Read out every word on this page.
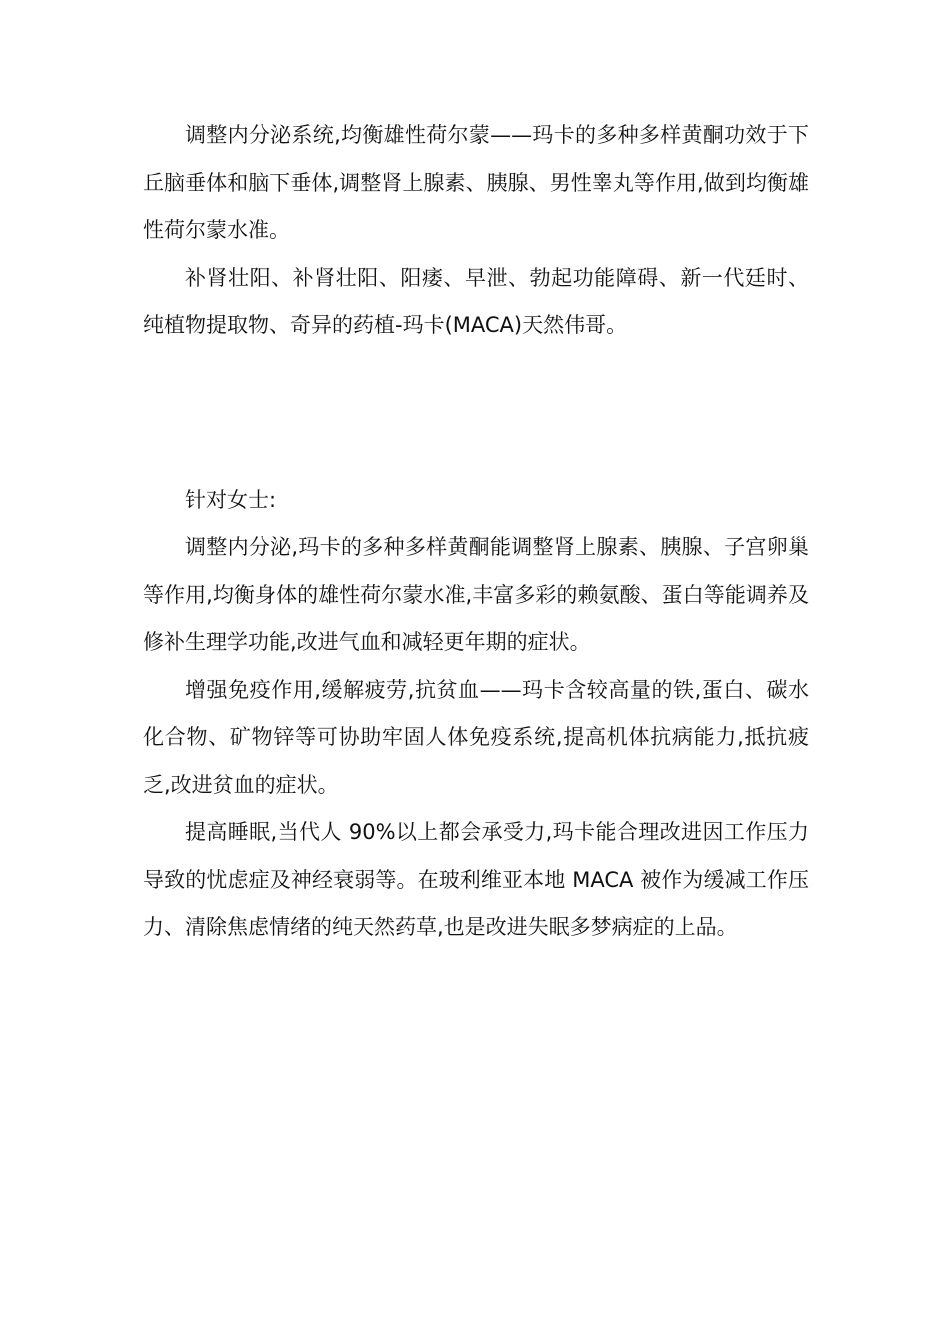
调整内分泌系统,均衡雄性荷尔蒙——玛卡的多种多样黄酮功效于下丘脑垂体和脑下垂体,调整肾上腺素、胰腺、男性睾丸等作用,做到均衡雄性荷尔蒙水准。

补肾壮阳、补肾壮阳、阳痿、早泄、勃起功能障碍、新一代廷时、纯植物提取物、奇异的药植-玛卡(MACA)天然伟哥。

针对女士:

调整内分泌,玛卡的多种多样黄酮能调整肾上腺素、胰腺、子宫卵巢等作用,均衡身体的雄性荷尔蒙水准,丰富多彩的赖氨酸、蛋白等能调养及修补生理学功能,改进气血和减轻更年期的症状。

增强免疫作用,缓解疲劳,抗贫血——玛卡含较高量的铁,蛋白、碳水化合物、矿物锌等可协助牢固人体免疫系统,提高机体抗病能力,抵抗疲乏,改进贫血的症状。

提高睡眠,当代人 90%以上都会承受力,玛卡能合理改进因工作压力导致的忧虑症及神经衰弱等。在玻利维亚本地 MACA 被作为缓减工作压力、清除焦虑情绪的纯天然药草,也是改进失眠多梦病症的上品。
